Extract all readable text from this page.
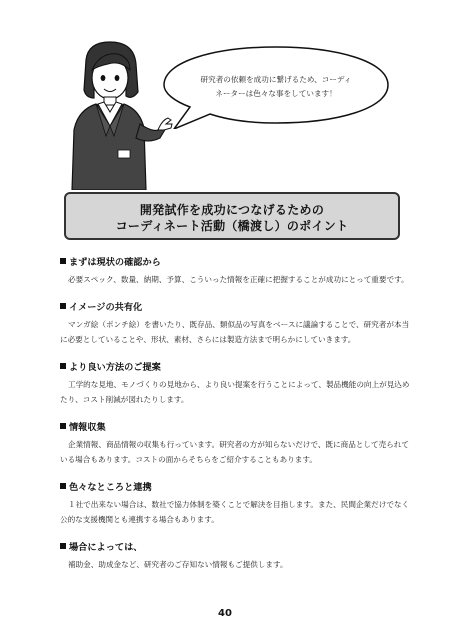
研究者の依頼を成功に繋げるため、コーディ
ネーターは色々な事をしています！
開発試作を成功につなげるための
コーディネート活動（橋渡し）のポイント

まずは現状の確認から

必要スペック、数量、納期、予算、こういった情報を正確に把握することが成功にとって重要です。

イメージの共有化

マンガ絵（ポンチ絵）を書いたり、既存品、類似品の写真をベースに議論することで、研究者が本当に必要としていることや、形状、素材、さらには製造方法まで明らかにしていきます。

より良い方法のご提案

工学的な見地、モノづくりの見地から、より良い提案を行うことによって、製品機能の向上が見込めたり、コスト削減が図れたりします。

情報収集

企業情報、商品情報の収集も行っています。研究者の方が知らないだけで、既に商品として売られている場合もあります。コストの面からそちらをご紹介することもあります。

色々なところと連携

１社で出来ない場合は、数社で協力体制を築くことで解決を目指します。また、民間企業だけでなく公的な支援機関とも連携する場合もあります。

場合によっては、

補助金、助成金など、研究者のご存知ない情報もご提供します。

40
